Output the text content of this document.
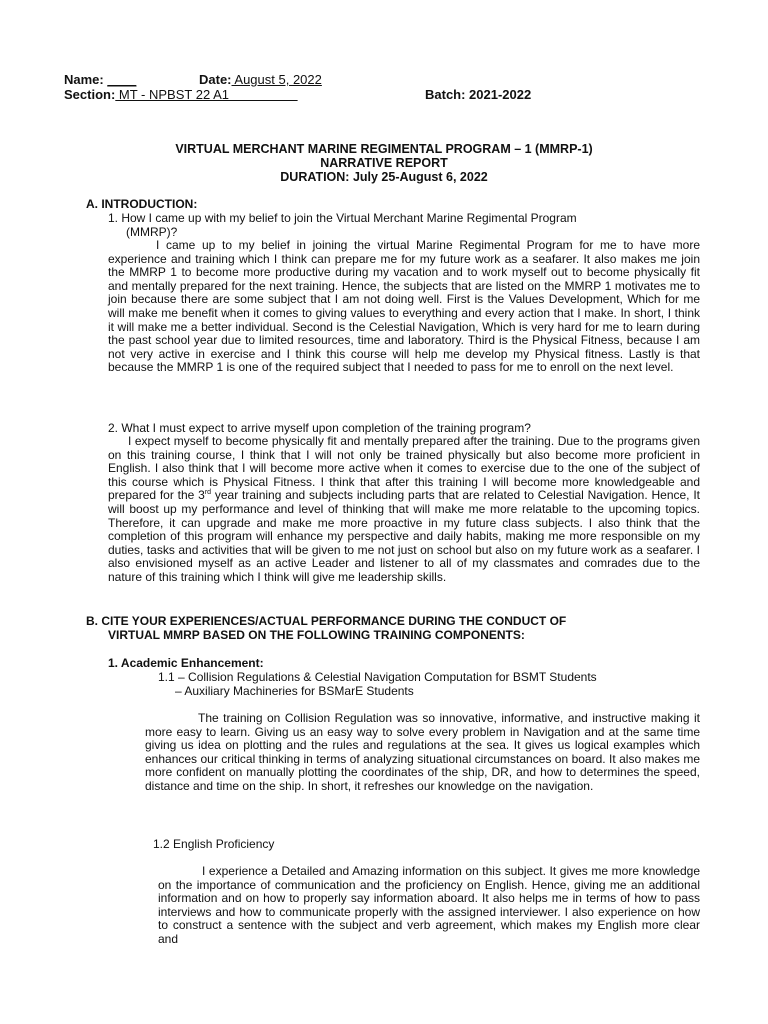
Name: ____	Date: August 5, 2022
Section: MT - NPBST 22 A1	Batch: 2021-2022
VIRTUAL MERCHANT MARINE REGIMENTAL PROGRAM – 1 (MMRP-1)
NARRATIVE REPORT
DURATION: July 25-August 6, 2022
A. INTRODUCTION:
1. How I came up with my belief to join the Virtual Merchant Marine Regimental Program
(MMRP)?
I came up to my belief in joining the virtual Marine Regimental Program for me to have more experience and training which I think can prepare me for my future work as a seafarer. It also makes me join the MMRP 1 to become more productive during my vacation and to work myself out to become physically fit and mentally prepared for the next training. Hence, the subjects that are listed on the MMRP 1 motivates me to join because there are some subject that I am not doing well. First is the Values Development, Which for me will make me benefit when it comes to giving values to everything and every action that I make. In short, I think it will make me a better individual. Second is the Celestial Navigation, Which is very hard for me to learn during the past school year due to limited resources, time and laboratory. Third is the Physical Fitness, because I am not very active in exercise and I think this course will help me develop my Physical fitness. Lastly is that because the MMRP 1 is one of the required subject that I needed to pass for me to enroll on the next level.
2. What I must expect to arrive myself upon completion of the training program?
I expect myself to become physically fit and mentally prepared after the training. Due to the programs given on this training course, I think that I will not only be trained physically but also become more proficient in English. I also think that I will become more active when it comes to exercise due to the one of the subject of this course which is Physical Fitness. I think that after this training I will become more knowledgeable and prepared for the 3rd year training and subjects including parts that are related to Celestial Navigation. Hence, It will boost up my performance and level of thinking that will make me more relatable to the upcoming topics. Therefore, it can upgrade and make me more proactive in my future class subjects. I also think that the completion of this program will enhance my perspective and daily habits, making me more responsible on my duties, tasks and activities that will be given to me not just on school but also on my future work as a seafarer. I also envisioned myself as an active Leader and listener to all of my classmates and comrades due to the nature of this training which I think will give me leadership skills.
B. CITE YOUR EXPERIENCES/ACTUAL PERFORMANCE DURING THE CONDUCT OF
VIRTUAL MMRP BASED ON THE FOLLOWING TRAINING COMPONENTS:
1. Academic Enhancement:
1.1 – Collision Regulations & Celestial Navigation Computation for BSMT Students
– Auxiliary Machineries for BSMarE Students
The training on Collision Regulation was so innovative, informative, and instructive making it more easy to learn. Giving us an easy way to solve every problem in Navigation and at the same time giving us idea on plotting and the rules and regulations at the sea. It gives us logical examples which enhances our critical thinking in terms of analyzing situational circumstances on board. It also makes me more confident on manually plotting the coordinates of the ship, DR, and how to determines the speed, distance and time on the ship. In short, it refreshes our knowledge on the navigation.
1.2 English Proficiency
I experience a Detailed and Amazing information on this subject. It gives me more knowledge on the importance of communication and the proficiency on English. Hence, giving me an additional information and on how to properly say information aboard. It also helps me in terms of how to pass interviews and how to communicate properly with the assigned interviewer. I also experience on how to construct a sentence with the subject and verb agreement, which makes my English more clear and
